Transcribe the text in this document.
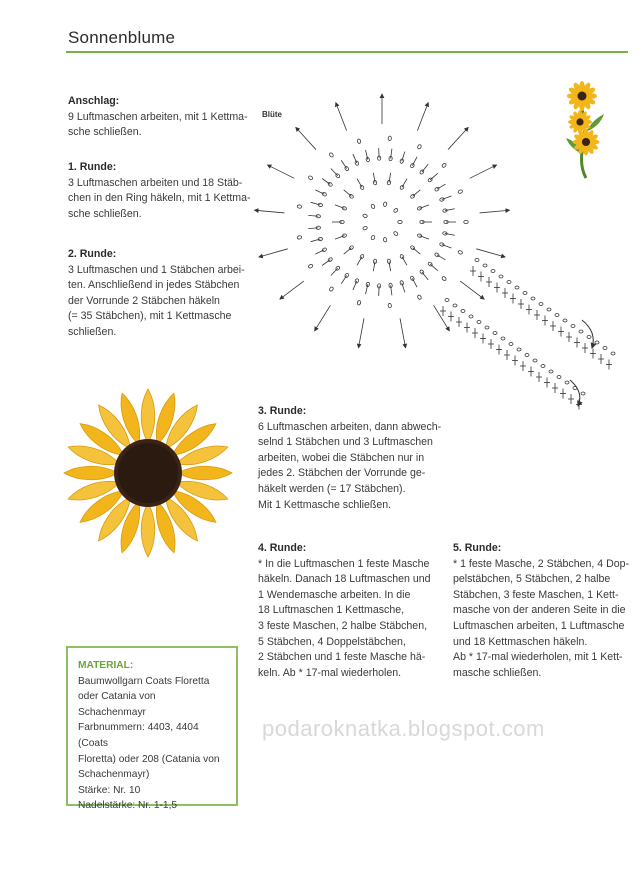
Sonnenblume
Anschlag:
9 Luftmaschen arbeiten, mit 1 Kettma-
sche schließen.
1. Runde:
3 Luftmaschen arbeiten und 18 Stäb-
chen in den Ring häkeln, mit 1 Kettma-
sche schließen.
2. Runde:
3 Luftmaschen und 1 Stäbchen arbei-
ten. Anschließend in jedes Stäbchen
der Vorrunde 2 Stäbchen häkeln
(= 35 Stäbchen), mit 1 Kettmasche
schließen.
3. Runde:
6 Luftmaschen arbeiten, dann abwech-
selnd 1 Stäbchen und 3 Luftmaschen
arbeiten, wobei die Stäbchen nur in
jedes 2. Stäbchen der Vorrunde ge-
häkelt werden (= 17 Stäbchen).
Mit 1 Kettmasche schließen.
4. Runde:
* In die Luftmaschen 1 feste Masche
häkeln. Danach 18 Luftmaschen und
1 Wendemasche arbeiten. In die
18 Luftmaschen 1 Kettmasche,
3 feste Maschen, 2 halbe Stäbchen,
5 Stäbchen, 4 Doppelstäbchen,
2 Stäbchen und 1 feste Masche hä-
keln. Ab * 17-mal wiederholen.
5. Runde:
* 1 feste Masche, 2 Stäbchen, 4 Dop-
pelstäbchen, 5 Stäbchen, 2 halbe
Stäbchen, 3 feste Maschen, 1 Kett-
masche von der anderen Seite in die
Luftmaschen arbeiten, 1 Luftmasche
und 18 Kettmaschen häkeln.
Ab * 17-mal wiederholen, mit 1 Kett-
masche schließen.
MATERIAL:
Baumwollgarn Coats Floretta
oder Catania von Schachenmayr
Farbnummern: 4403, 4404 (Coats
Floretta) oder 208 (Catania von
Schachenmayr)
Stärke: Nr. 10
Nadelstärke: Nr. 1-1,5
Blüte
podaroknatka.blogspot.com
